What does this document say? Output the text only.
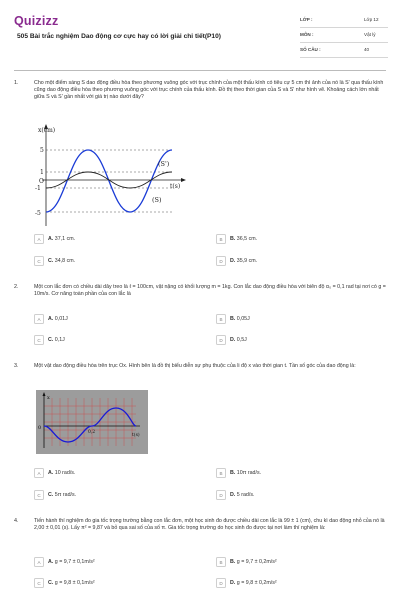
Quizizz
505 Bài trắc nghiệm Dao động cơ cực hay có lời giải chi tiết(P10)
LỚP :	Lớp 12
MÔN :	Vật lý
SỐ CÂU :	40
1.	Cho một điểm sáng S dao động điều hòa theo phương vuông góc với trục chính của một thấu kính có tiêu cự 5 cm thì ảnh của nó là S' qua thấu kính cũng dao động điều hòa theo phương vuông góc với trục chính của thấu kính. Đồ thị theo thời gian của S và S' như hình vẽ. Khoảng cách lớn nhất giữa S và S' gần nhất với giá trị nào dưới đây?
x(cm)
t(s)
5
1
O
-1
-5
(S')
(S)
A	A. 37,1 cm.	B	B. 36,5 cm.
C	C. 34,8 cm.	D	D. 35,9 cm.
2.	Một con lắc đơn có chiều dài dây treo là ℓ = 100cm, vật nặng có khối lượng m = 1kg. Con lắc dao động điều hòa với biên độ α₀ = 0,1 rad tại nơi có g = 10m/s. Cơ năng toàn phần của con lắc là
A	A. 0,01J	B	B. 0,05J
C	C. 0,1J	D	D. 0,5J
3.	Một vật dao động điều hòa trên trục Ox. Hình bên là đồ thị biểu diễn sự phụ thuộc của li độ x vào thời gian t. Tần số góc của dao động là:
x
0
0,2
t(s)
A	A. 10 rad/s.	B	B. 10π rad/s.
C	C. 5π rad/s.	D	D. 5 rad/s.
4.	Tiến hành thí nghiệm đo gia tốc trọng trường bằng con lắc đơn, một học sinh đo được chiều dài con lắc là 99 ± 1 (cm), chu kì dao động nhỏ của nó là 2,00 ± 0,01 (s). Lấy π² = 9,87 và bỏ qua sai số của số π. Gia tốc trọng trường do học sinh đo được tại nơi làm thí nghiệm là:
A	A. g = 9,7 ± 0,1m/s²	B	B. g = 9,7 ± 0,2m/s²
C	C. g = 9,8 ± 0,1m/s²	D	D. g = 9,8 ± 0,2m/s²
